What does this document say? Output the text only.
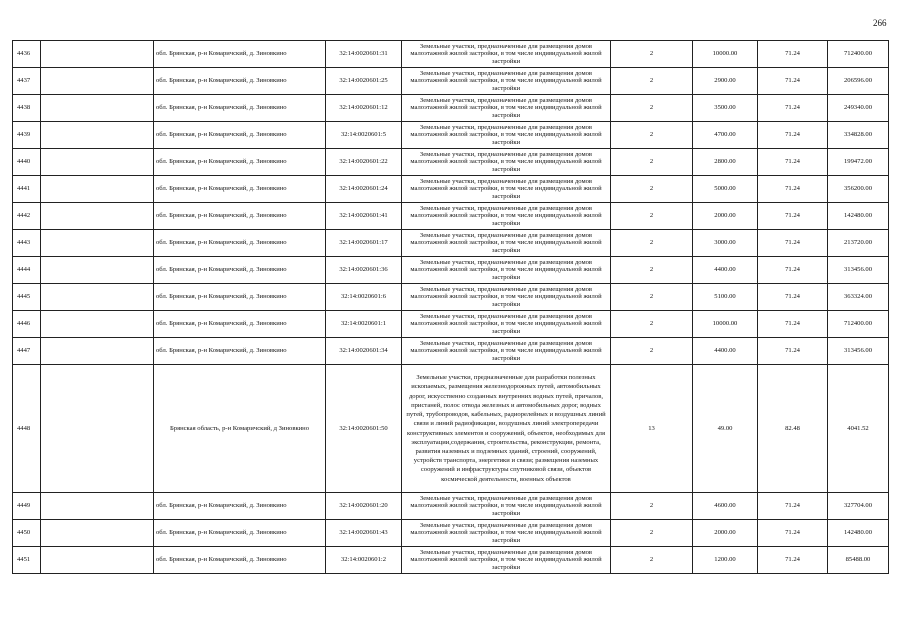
266
4436		обл. Брянская, р-н Комаричский, д. Зиновкино	32:14:0020601:31	Земельные участки, предназначенные для размещения домов малоэтажной жилой застройки, в том числе индивидуальной жилой застройки	2	10000.00	71.24	712400.00
4437		обл. Брянская, р-н Комаричский, д. Зиновкино	32:14:0020601:25	Земельные участки, предназначенные для размещения домов малоэтажной жилой застройки, в том числе индивидуальной жилой застройки	2	2900.00	71.24	206596.00
4438		обл. Брянская, р-н Комаричский, д. Зиновкино	32:14:0020601:12	Земельные участки, предназначенные для размещения домов малоэтажной жилой застройки, в том числе индивидуальной жилой застройки	2	3500.00	71.24	249340.00
4439		обл. Брянская, р-н Комаричский, д. Зиновкино	32:14:0020601:5	Земельные участки, предназначенные для размещения домов малоэтажной жилой застройки, в том числе индивидуальной жилой застройки	2	4700.00	71.24	334828.00
4440		обл. Брянская, р-н Комаричский, д. Зиновкино	32:14:0020601:22	Земельные участки, предназначенные для размещения домов малоэтажной жилой застройки, в том числе индивидуальной жилой застройки	2	2800.00	71.24	199472.00
4441		обл. Брянская, р-н Комаричский, д. Зиновкино	32:14:0020601:24	Земельные участки, предназначенные для размещения домов малоэтажной жилой застройки, в том числе индивидуальной жилой застройки	2	5000.00	71.24	356200.00
4442		обл. Брянская, р-н Комаричский, д. Зиновкино	32:14:0020601:41	Земельные участки, предназначенные для размещения домов малоэтажной жилой застройки, в том числе индивидуальной жилой застройки	2	2000.00	71.24	142480.00
4443		обл. Брянская, р-н Комаричский, д. Зиновкино	32:14:0020601:17	Земельные участки, предназначенные для размещения домов малоэтажной жилой застройки, в том числе индивидуальной жилой застройки	2	3000.00	71.24	213720.00
4444		обл. Брянская, р-н Комаричский, д. Зиновкино	32:14:0020601:36	Земельные участки, предназначенные для размещения домов малоэтажной жилой застройки, в том числе индивидуальной жилой застройки	2	4400.00	71.24	313456.00
4445		обл. Брянская, р-н Комаричский, д. Зиновкино	32:14:0020601:6	Земельные участки, предназначенные для размещения домов малоэтажной жилой застройки, в том числе индивидуальной жилой застройки	2	5100.00	71.24	363324.00
4446		обл. Брянская, р-н Комаричский, д. Зиновкино	32:14:0020601:1	Земельные участки, предназначенные для размещения домов малоэтажной жилой застройки, в том числе индивидуальной жилой застройки	2	10000.00	71.24	712400.00
4447		обл. Брянская, р-н Комаричский, д. Зиновкино	32:14:0020601:34	Земельные участки, предназначенные для размещения домов малоэтажной жилой застройки, в том числе индивидуальной жилой застройки	2	4400.00	71.24	313456.00
4448		Брянская область, р-н Комаричский, д Зиновкино	32:14:0020601:50	Земельные участки, предназначенные для разработки полезных ископаемых, размещения железнодорожных путей, автомобильных дорог, искусственно созданных внутренних водных путей, причалов, пристаней, полос отвода железных и автомобильных дорог, водных путей, трубопроводов, кабельных, радиорелейных и воздушных линий связи и линий радиофикации, воздушных линий электропередачи конструктивных элементов и сооружений, объектов, необходимых для эксплуатации,содержания, строительства, реконструкции, ремонта, развития наземных и подземных зданий, строений, сооружений, устройств транспорта, энергетики и связи; размещения наземных сооружений и инфраструктуры спутниковой связи, объектов космической деятельности, военных объектов	13	49.00	82.48	4041.52
4449		обл. Брянская, р-н Комаричский, д. Зиновкино	32:14:0020601:20	Земельные участки, предназначенные для размещения домов малоэтажной жилой застройки, в том числе индивидуальной жилой застройки	2	4600.00	71.24	327704.00
4450		обл. Брянская, р-н Комаричский, д. Зиновкино	32:14:0020601:43	Земельные участки, предназначенные для размещения домов малоэтажной жилой застройки, в том числе индивидуальной жилой застройки	2	2000.00	71.24	142480.00
4451		обл. Брянская, р-н Комаричский, д. Зиновкино	32:14:0020601:2	Земельные участки, предназначенные для размещения домов малоэтажной жилой застройки, в том числе индивидуальной жилой застройки	2	1200.00	71.24	85488.00
